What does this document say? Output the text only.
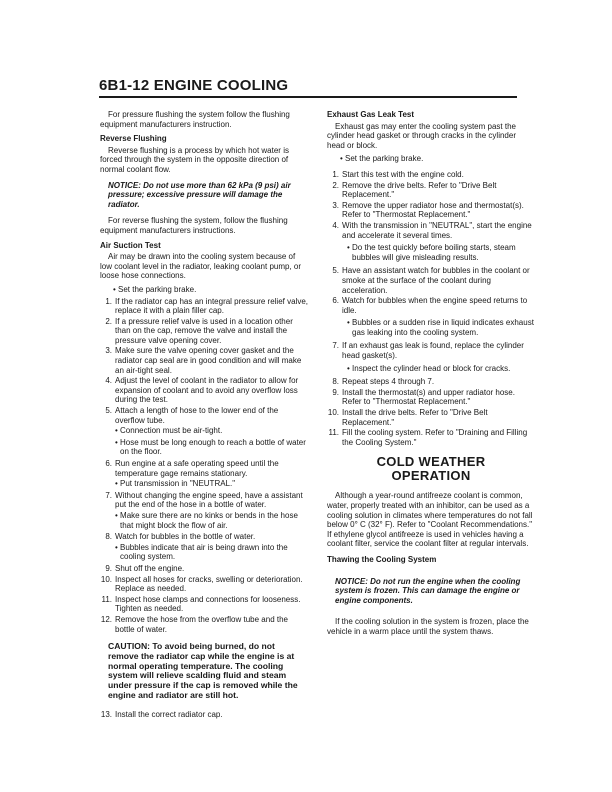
6B1-12 ENGINE COOLING

For pressure flushing the system follow the flushing equipment manufacturers instruction.

Reverse Flushing

Reverse flushing is a process by which hot water is forced through the system in the opposite direction of normal coolant flow.

NOTICE: Do not use more than 62 kPa (9 psi) air pressure; excessive pressure will damage the radiator.

For reverse flushing the system, follow the flushing equipment manufacturers instructions.

Air Suction Test

Air may be drawn into the cooling system because of low coolant level in the radiator, leaking coolant pump, or loose hose connections.

• Set the parking brake.
1. If the radiator cap has an integral pressure relief valve, replace it with a plain filler cap.
2. If a pressure relief valve is used in a location other than on the cap, remove the valve and install the pressure valve opening cover.
3. Make sure the valve opening cover gasket and the radiator cap seal are in good condition and will make an air-tight seal.
4. Adjust the level of coolant in the radiator to allow for expansion of coolant and to avoid any overflow loss during the test.
5. Attach a length of hose to the lower end of the overflow tube.
• Connection must be air-tight.
• Hose must be long enough to reach a bottle of water on the floor.
6. Run engine at a safe operating speed until the temperature gage remains stationary.
• Put transmission in "NEUTRAL."
7. Without changing the engine speed, have a assistant put the end of the hose in a bottle of water.
• Make sure there are no kinks or bends in the hose that might block the flow of air.
8. Watch for bubbles in the bottle of water.
• Bubbles indicate that air is being drawn into the cooling system.
9. Shut off the engine.
10. Inspect all hoses for cracks, swelling or deterioration. Replace as needed.
11. Inspect hose clamps and connections for looseness. Tighten as needed.
12. Remove the hose from the overflow tube and the bottle of water.
CAUTION: To avoid being burned, do not remove the radiator cap while the engine is at normal operating temperature. The cooling system will relieve scalding fluid and steam under pressure if the cap is removed while the engine and radiator are still hot.
13. Install the correct radiator cap.
Exhaust Gas Leak Test

Exhaust gas may enter the cooling system past the cylinder head gasket or through cracks in the cylinder head or block.

• Set the parking brake.
1. Start this test with the engine cold.
2. Remove the drive belts. Refer to "Drive Belt Replacement."
3. Remove the upper radiator hose and thermostat(s). Refer to "Thermostat Replacement."
4. With the transmission in "NEUTRAL", start the engine and accelerate it several times.
• Do the test quickly before boiling starts, steam bubbles will give misleading results.
5. Have an assistant watch for bubbles in the coolant or smoke at the surface of the coolant during acceleration.
6. Watch for bubbles when the engine speed returns to idle.
• Bubbles or a sudden rise in liquid indicates exhaust gas leaking into the cooling system.
7. If an exhaust gas leak is found, replace the cylinder head gasket(s).
• Inspect the cylinder head or block for cracks.
8. Repeat steps 4 through 7.
9. Install the thermostat(s) and upper radiator hose. Refer to "Thermostat Replacement."
10. Install the drive belts. Refer to "Drive Belt Replacement."
11. Fill the cooling system. Refer to "Draining and Filling the Cooling System."
COLD WEATHER
OPERATION

Although a year-round antifreeze coolant is common, water, properly treated with an inhibitor, can be used as a cooling solution in climates where temperatures do not fall below 0° C (32° F). Refer to "Coolant Recommendations." If ethylene glycol antifreeze is used in vehicles having a coolant filter, service the coolant filter at regular intervals.

Thawing the Cooling System
NOTICE: Do not run the engine when the cooling system is frozen. This can damage the engine or engine components.

If the cooling solution in the system is frozen, place the vehicle in a warm place until the system thaws.
